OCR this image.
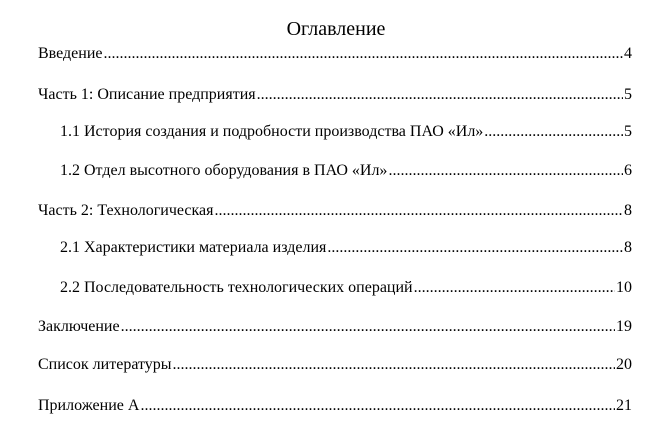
Оглавление
Введение .....	4
Часть 1: Описание предприятия .....	5
1.1 История создания и подробности производства ПАО «Ил» .....	5
1.2 Отдел высотного оборудования в ПАО «Ил» .....	6
Часть 2: Технологическая .....	8
2.1 Характеристики материала изделия .....	8
2.2 Последовательность технологических операций .....	10
Заключение .....	19
Список литературы .....	20
Приложение А .....	21
